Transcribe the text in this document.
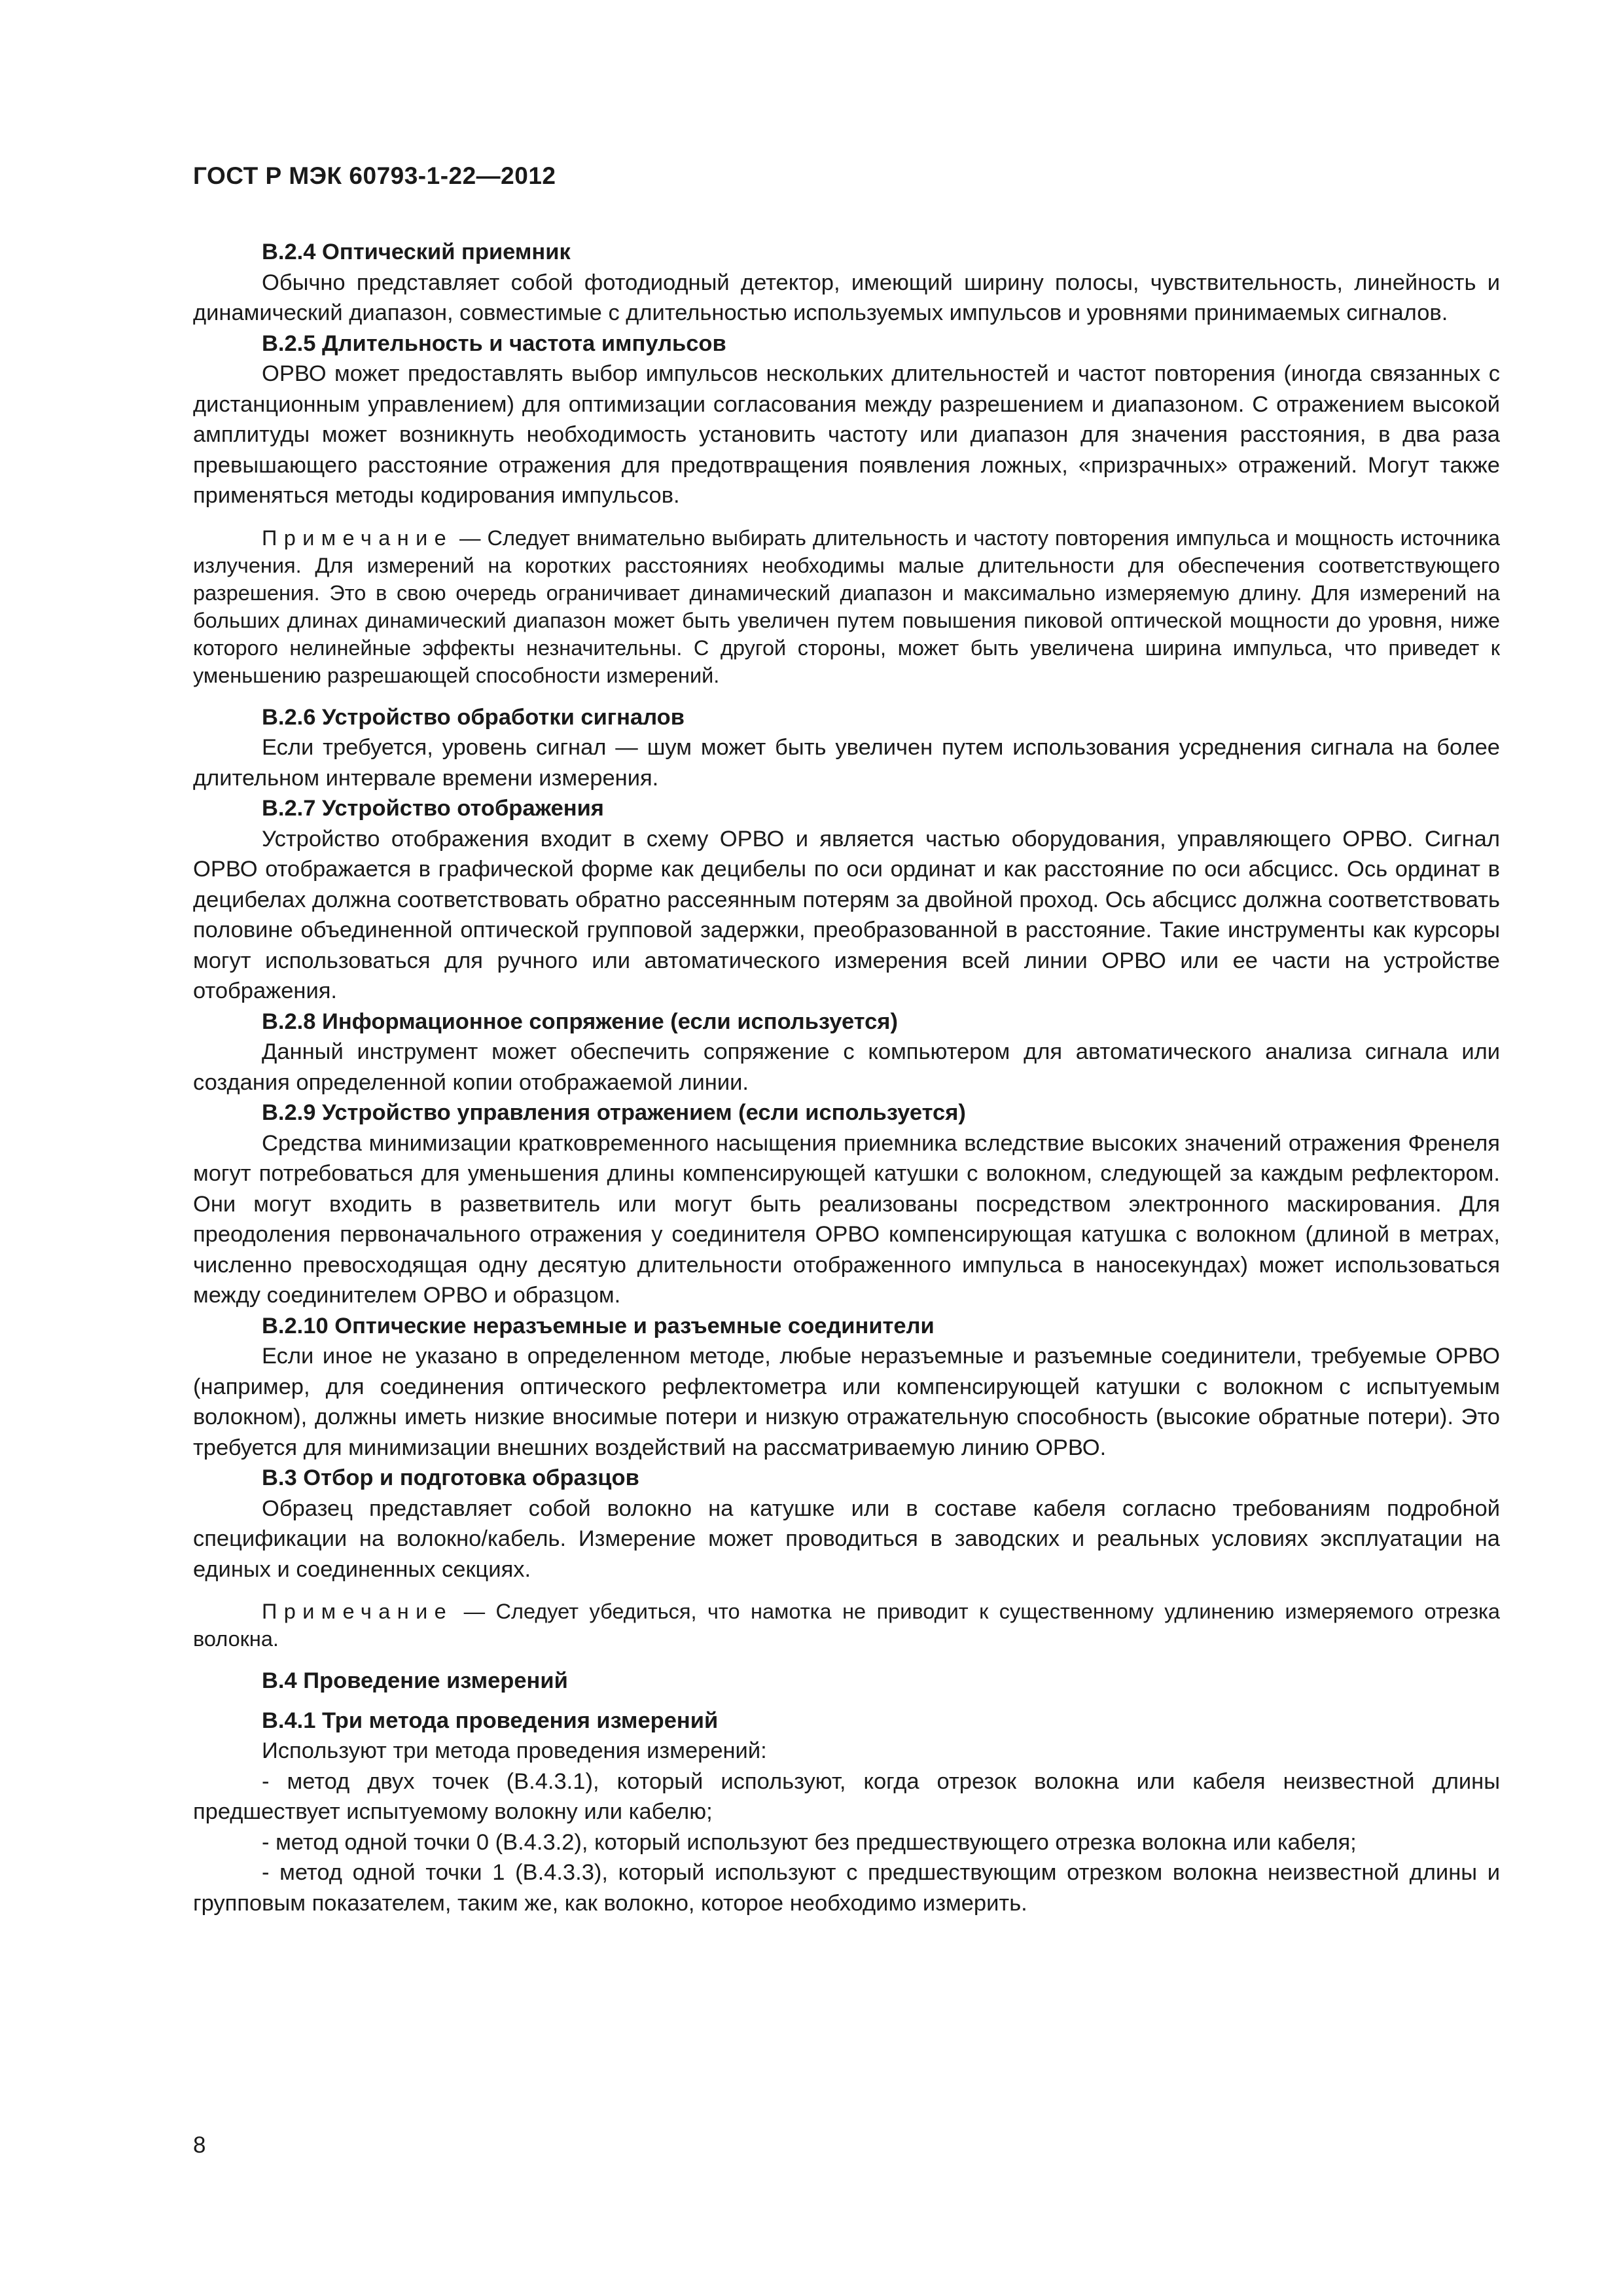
ГОСТ Р МЭК 60793-1-22—2012
B.2.4 Оптический приемник
Обычно представляет собой фотодиодный детектор, имеющий ширину полосы, чувствительность, линейность и динамический диапазон, совместимые с длительностью используемых импульсов и уровнями принимаемых сигналов.
B.2.5 Длительность и частота импульсов
ОРВО может предоставлять выбор импульсов нескольких длительностей и частот повторения (иногда связанных с дистанционным управлением) для оптимизации согласования между разрешением и диапазоном. С отражением высокой амплитуды может возникнуть необходимость установить частоту или диапазон для значения расстояния, в два раза превышающего расстояние отражения для предотвращения появления ложных, «призрачных» отражений. Могут также применяться методы кодирования импульсов.
Примечание — Следует внимательно выбирать длительность и частоту повторения импульса и мощность источника излучения. Для измерений на коротких расстояниях необходимы малые длительности для обеспечения соответствующего разрешения. Это в свою очередь ограничивает динамический диапазон и максимально измеряемую длину. Для измерений на больших длинах динамический диапазон может быть увеличен путем повышения пиковой оптической мощности до уровня, ниже которого нелинейные эффекты незначительны. С другой стороны, может быть увеличена ширина импульса, что приведет к уменьшению разрешающей способности измерений.
B.2.6 Устройство обработки сигналов
Если требуется, уровень сигнал — шум может быть увеличен путем использования усреднения сигнала на более длительном интервале времени измерения.
B.2.7 Устройство отображения
Устройство отображения входит в схему ОРВО и является частью оборудования, управляющего ОРВО. Сигнал ОРВО отображается в графической форме как децибелы по оси ординат и как расстояние по оси абсцисс. Ось ординат в децибелах должна соответствовать обратно рассеянным потерям за двойной проход. Ось абсцисс должна соответствовать половине объединенной оптической групповой задержки, преобразованной в расстояние. Такие инструменты как курсоры могут использоваться для ручного или автоматического измерения всей линии ОРВО или ее части на устройстве отображения.
B.2.8 Информационное сопряжение (если используется)
Данный инструмент может обеспечить сопряжение с компьютером для автоматического анализа сигнала или создания определенной копии отображаемой линии.
B.2.9 Устройство управления отражением (если используется)
Средства минимизации кратковременного насыщения приемника вследствие высоких значений отражения Френеля могут потребоваться для уменьшения длины компенсирующей катушки с волокном, следующей за каждым рефлектором. Они могут входить в разветвитель или могут быть реализованы посредством электронного маскирования. Для преодоления первоначального отражения у соединителя ОРВО компенсирующая катушка с волокном (длиной в метрах, численно превосходящая одну десятую длительности отображенного импульса в наносекундах) может использоваться между соединителем ОРВО и образцом.
B.2.10 Оптические неразъемные и разъемные соединители
Если иное не указано в определенном методе, любые неразъемные и разъемные соединители, требуемые ОРВО (например, для соединения оптического рефлектометра или компенсирующей катушки с волокном с испытуемым волокном), должны иметь низкие вносимые потери и низкую отражательную способность (высокие обратные потери). Это требуется для минимизации внешних воздействий на рассматриваемую линию ОРВО.
B.3 Отбор и подготовка образцов
Образец представляет собой волокно на катушке или в составе кабеля согласно требованиям подробной спецификации на волокно/кабель. Измерение может проводиться в заводских и реальных условиях эксплуатации на единых и соединенных секциях.
Примечание — Следует убедиться, что намотка не приводит к существенному удлинению измеряемого отрезка волокна.
B.4 Проведение измерений
B.4.1 Три метода проведения измерений
Используют три метода проведения измерений:
- метод двух точек (B.4.3.1), который используют, когда отрезок волокна или кабеля неизвестной длины предшествует испытуемому волокну или кабелю;
- метод одной точки 0 (B.4.3.2), который используют без предшествующего отрезка волокна или кабеля;
- метод одной точки 1 (B.4.3.3), который используют с предшествующим отрезком волокна неизвестной длины и групповым показателем, таким же, как волокно, которое необходимо измерить.
8
